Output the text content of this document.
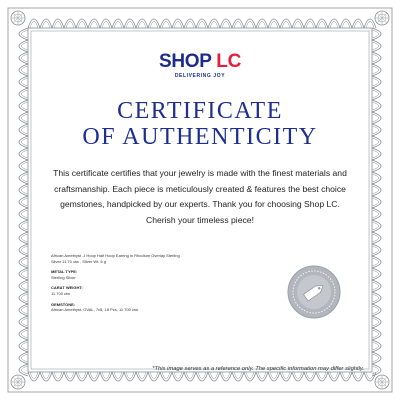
SHOP LC
DELIVERING JOY
CERTIFICATE
OF AUTHENTICITY
This certificate certifies that your jewelry is made with the finest materials and
craftsmanship. Each piece is meticulously created & features the best choice
gemstones, handpicked by our experts. Thank you for choosing Shop LC.
Cherish your timeless piece!
African Amethyst .J Hoop Half Hoop Earring in Rhodium Overlay Sterling
Silver 11.70 ctw , Silver Wt. 6 g
METAL TYPE:
Sterling Silver
CARAT WEIGHT:
11.700 ctw
GEMSTONE:
African Amethyst, OVAL, 7x5, 18 Pcs, 11.700 ctw
*This image serves as a reference only. The specific information may differ slightly.
